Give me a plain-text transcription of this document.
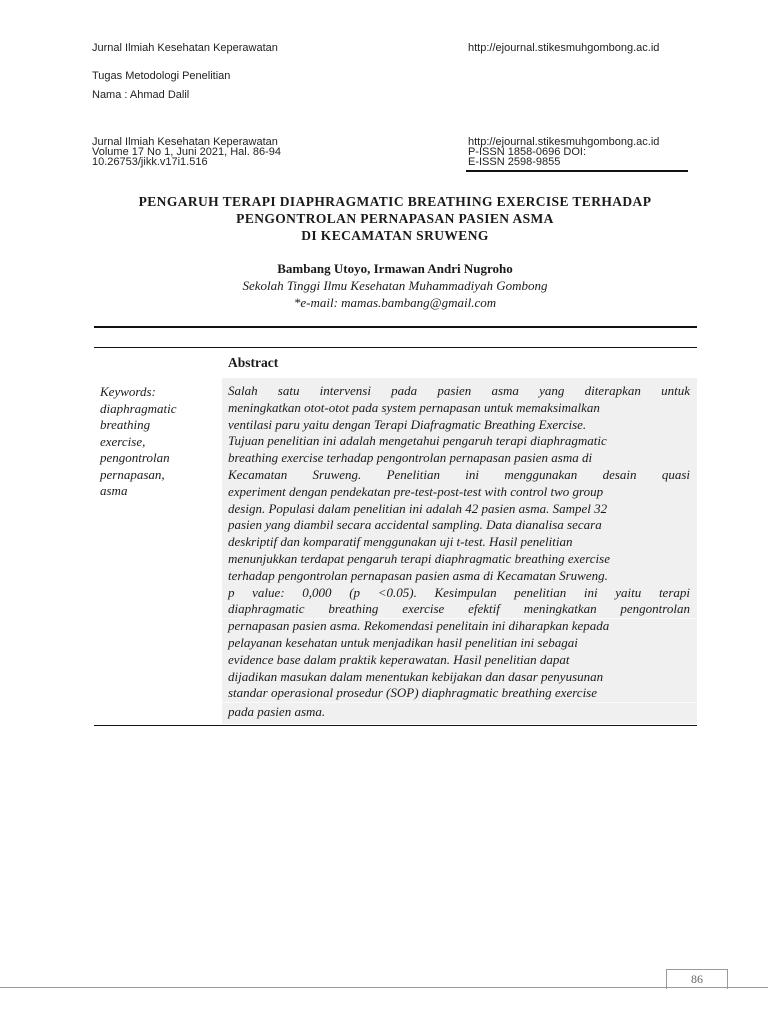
Jurnal Ilmiah Kesehatan Keperawatan	http://ejournal.stikesmuhgombong.ac.id
Tugas Metodologi Penelitian
Nama : Ahmad Dalil
Jurnal Ilmiah Kesehatan Keperawatan
Volume 17 No 1, Juni 2021, Hal. 86-94
10.26753/jikk.v17i1.516
http://ejournal.stikesmuhgombong.ac.id
P-ISSN 1858-0696 DOI:
E-ISSN 2598-9855
PENGARUH TERAPI DIAPHRAGMATIC BREATHING EXERCISE TERHADAP
PENGONTROLAN PERNAPASAN PASIEN ASMA
DI KECAMATAN SRUWENG
Bambang Utoyo, Irmawan Andri Nugroho
Sekolah Tinggi Ilmu Kesehatan Muhammadiyah Gombong
*e-mail: mamas.bambang@gmail.com
Abstract
Keywords:
diaphragmatic
breathing
exercise,
pengontrolan
pernapasan,
asma
Salah satu intervensi pada pasien asma yang diterapkan untuk
meningkatkan otot-otot pada system pernapasan untuk memaksimalkan
ventilasi paru yaitu dengan Terapi Diafragmatic Breathing Exercise.
Tujuan penelitian ini adalah mengetahui pengaruh terapi diaphragmatic
breathing exercise terhadap pengontrolan pernapasan pasien asma di
Kecamatan Sruweng. Penelitian ini menggunakan desain quasi
experiment dengan pendekatan pre-test-post-test with control two group
design. Populasi dalam penelitian ini adalah 42 pasien asma. Sampel 32
pasien yang diambil secara accidental sampling. Data dianalisa secara
deskriptif dan komparatif menggunakan uji t-test. Hasil penelitian
menunjukkan terdapat pengaruh terapi diaphragmatic breathing exercise
terhadap pengontrolan pernapasan pasien asma di Kecamatan Sruweng.
p value: 0,000 (p <0.05). Kesimpulan penelitian ini yaitu terapi
diaphragmatic breathing exercise efektif meningkatkan pengontrolan
pernapasan pasien asma. Rekomendasi penelitain ini diharapkan kepada
pelayanan kesehatan untuk menjadikan hasil penelitian ini sebagai
evidence base dalam praktik keperawatan. Hasil penelitian dapat
dijadikan masukan dalam menentukan kebijakan dan dasar penyusunan
standar operasional prosedur (SOP) diaphragmatic breathing exercise
pada pasien asma.
86
